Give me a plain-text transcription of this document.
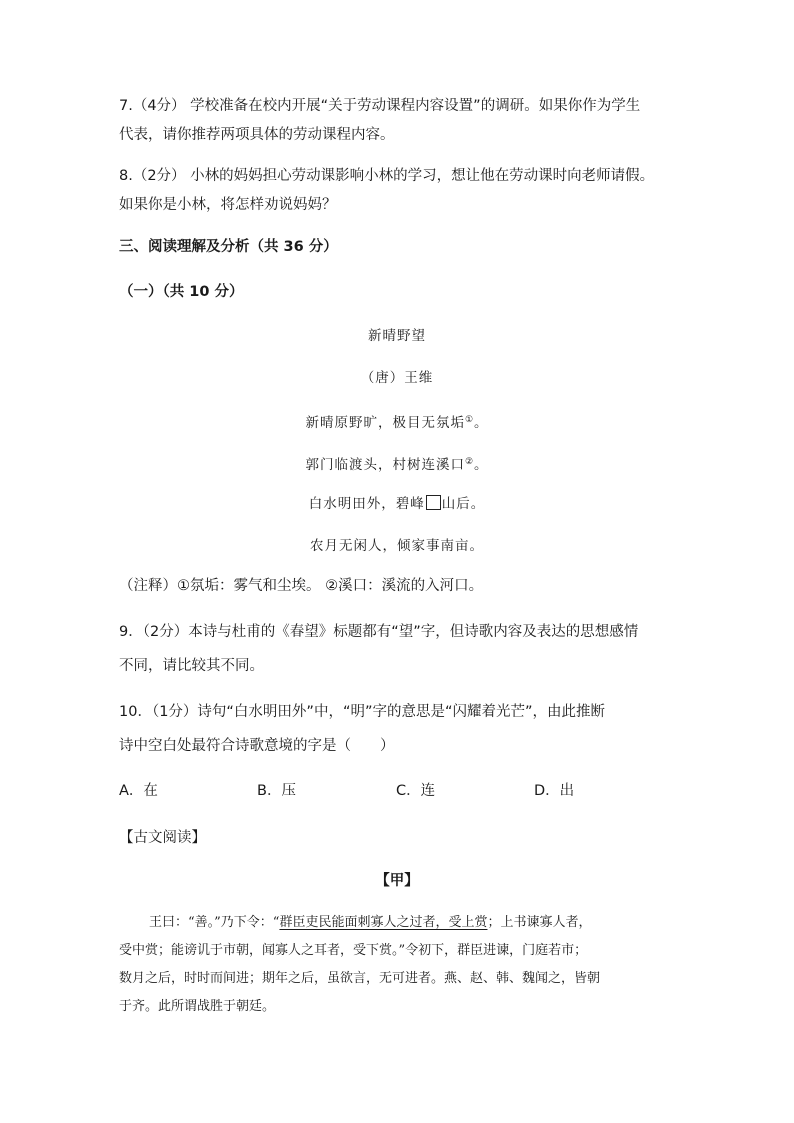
7.（4分） 学校准备在校内开展“关于劳动课程内容设置”的调研。如果你作为学生
代表，请你推荐两项具体的劳动课程内容。
8.（2分） 小林的妈妈担心劳动课影响小林的学习，想让他在劳动课时向老师请假。
如果你是小林，将怎样劝说妈妈？
三、阅读理解及分析（共 36 分）
（一）（共 10 分）
新晴野望
（唐）王维
新晴原野旷，极目无氛垢①。
郭门临渡头，村树连溪口②。
白水明田外，碧峰 山后。
农月无闲人，倾家事南亩。
（注释）①氛垢：雾气和尘埃。 ②溪口：溪流的入河口。
9．（2分）本诗与杜甫的《春望》标题都有“望”字，但诗歌内容及表达的思想感情
不同，请比较其不同。
10．（1分）诗句“白水明田外”中，“明”字的意思是“闪耀着光芒”，由此推断
诗中空白处最符合诗歌意境的字是（　　）
A．在	B．压	C．连	D．出
【古文阅读】
【甲】
王曰：“善。”乃下令：“群臣吏民能面刺寡人之过者，受上赏；上书谏寡人者，
受中赏；能谤讥于市朝，闻寡人之耳者，受下赏。”令初下，群臣进谏，门庭若市；
数月之后，时时而间进；期年之后，虽欲言，无可进者。燕、赵、韩、魏闻之，皆朝
于齐。此所谓战胜于朝廷。
